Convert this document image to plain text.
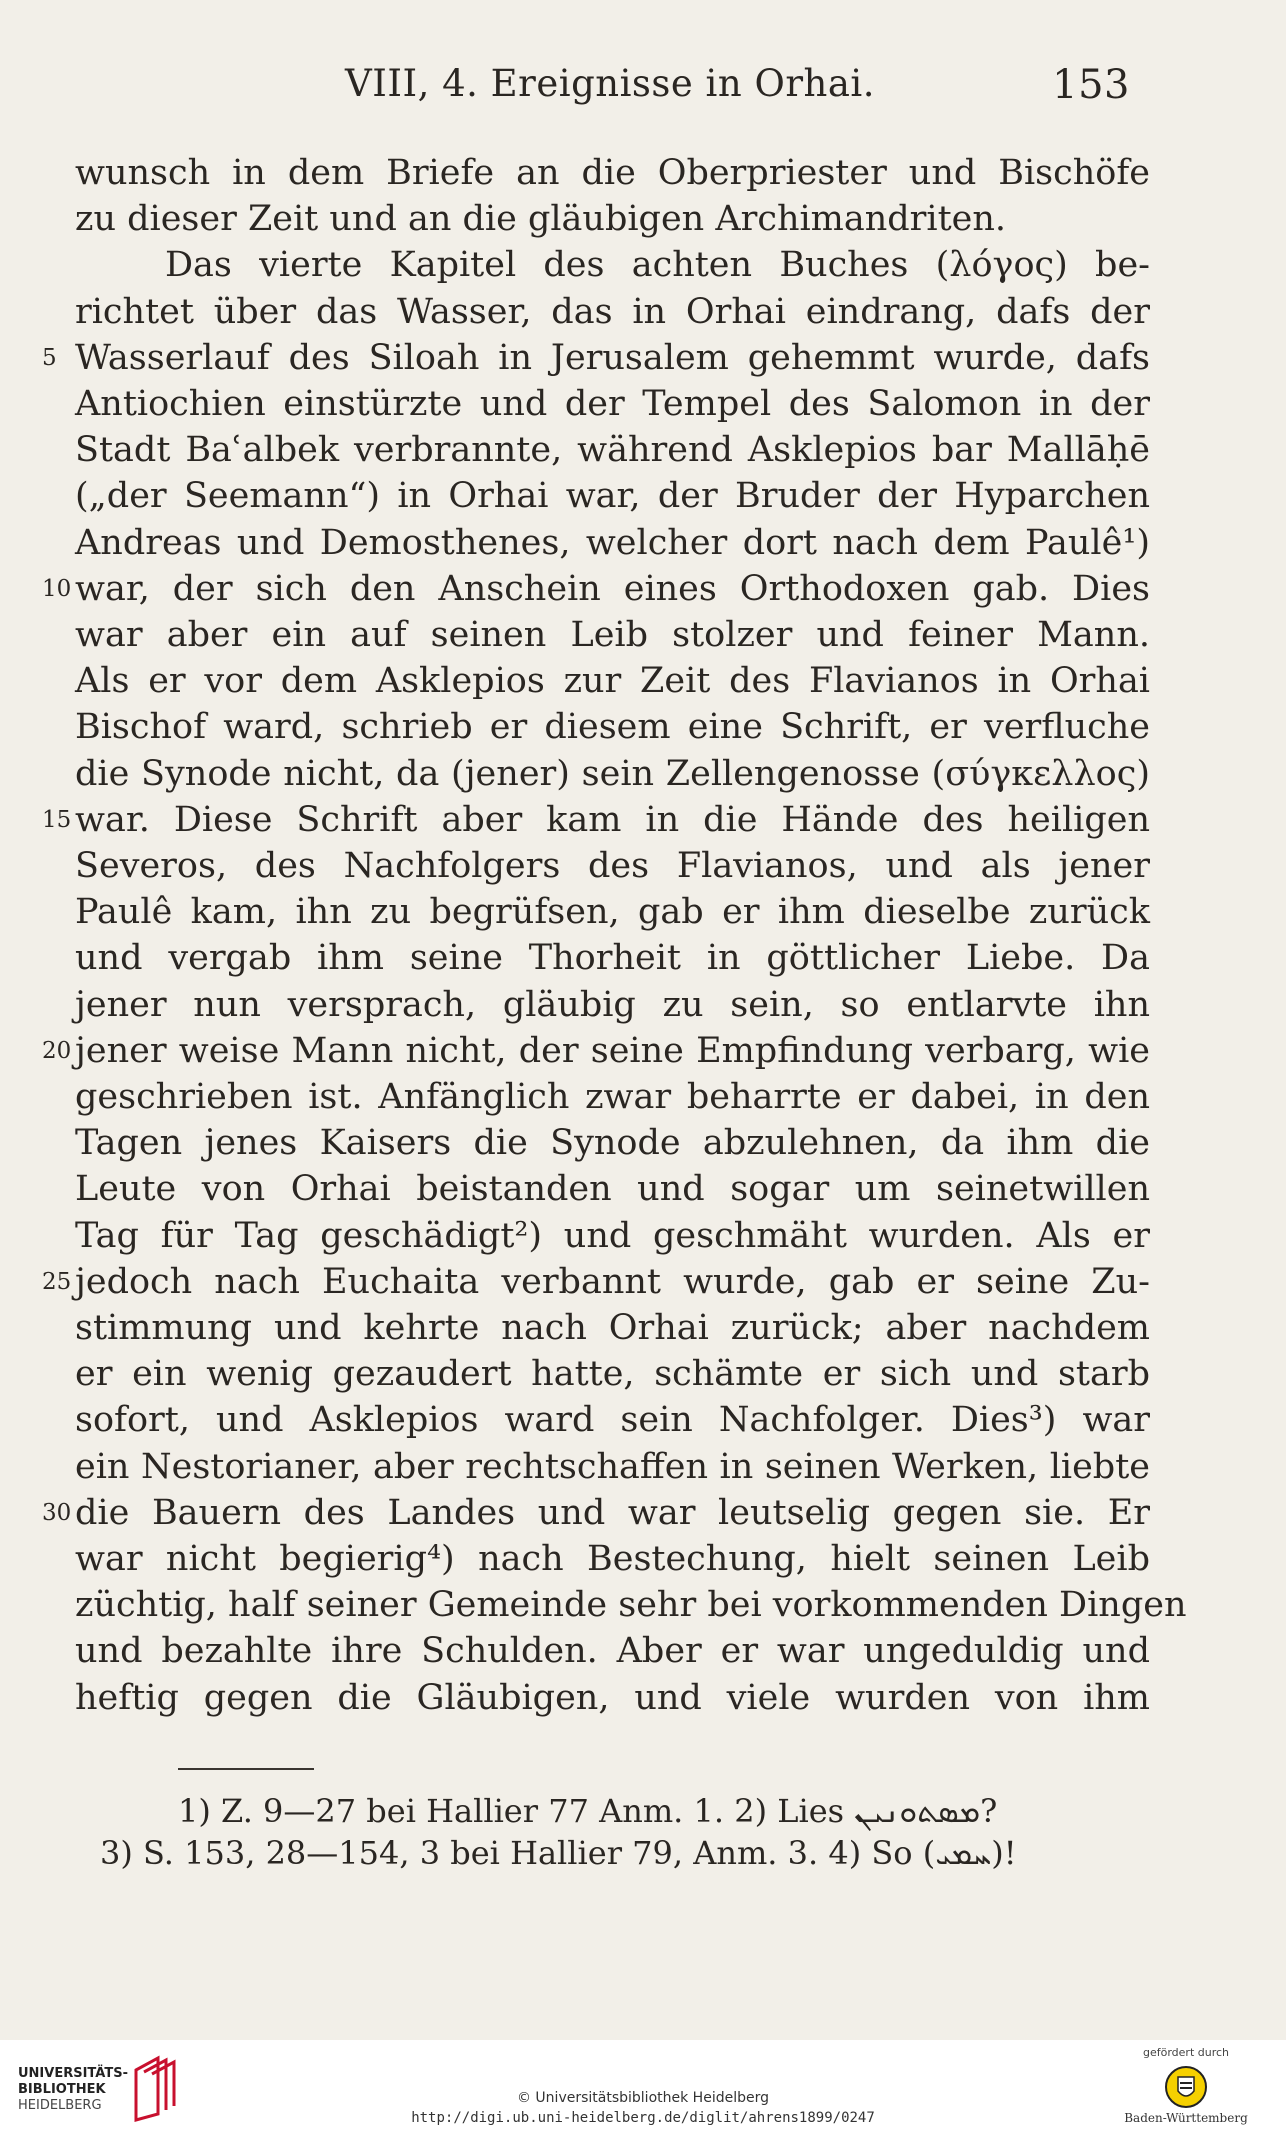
VIII, 4. Ereignisse in Orhai.	153
wunsch in dem Briefe an die Oberpriester und Bischöfe
zu dieser Zeit und an die gläubigen Archimandriten.
Das vierte Kapitel des achten Buches (λόγος) be-
richtet über das Wasser, das in Orhai eindrang, dafs der
5 Wasserlauf des Siloah in Jerusalem gehemmt wurde, dafs
Antiochien einstürzte und der Tempel des Salomon in der
Stadt Baʿalbek verbrannte, während Asklepios bar Mallāḥē
(„der Seemann“) in Orhai war, der Bruder der Hyparchen
Andreas und Demosthenes, welcher dort nach dem Paulê¹)
10 war, der sich den Anschein eines Orthodoxen gab. Dies
war aber ein auf seinen Leib stolzer und feiner Mann.
Als er vor dem Asklepios zur Zeit des Flavianos in Orhai
Bischof ward, schrieb er diesem eine Schrift, er verfluche
die Synode nicht, da (jener) sein Zellengenosse (σύγκελλος)
15 war. Diese Schrift aber kam in die Hände des heiligen
Severos, des Nachfolgers des Flavianos, und als jener
Paulê kam, ihn zu begrüfsen, gab er ihm dieselbe zurück
und vergab ihm seine Thorheit in göttlicher Liebe. Da
jener nun versprach, gläubig zu sein, so entlarvte ihn
20 jener weise Mann nicht, der seine Empfindung verbarg, wie
geschrieben ist. Anfänglich zwar beharrte er dabei, in den
Tagen jenes Kaisers die Synode abzulehnen, da ihm die
Leute von Orhai beistanden und sogar um seinetwillen
Tag für Tag geschädigt²) und geschmäht wurden. Als er
25 jedoch nach Euchaita verbannt wurde, gab er seine Zu-
stimmung und kehrte nach Orhai zurück; aber nachdem
er ein wenig gezaudert hatte, schämte er sich und starb
sofort, und Asklepios ward sein Nachfolger. Dies³) war
ein Nestorianer, aber rechtschaffen in seinen Werken, liebte
30 die Bauern des Landes und war leutselig gegen sie. Er
war nicht begierig⁴) nach Bestechung, hielt seinen Leib
züchtig, half seiner Gemeinde sehr bei vorkommenden Dingen
und bezahlte ihre Schulden. Aber er war ungeduldig und
heftig gegen die Gläubigen, und viele wurden von ihm
1) Z. 9—27 bei Hallier 77 Anm. 1. 2) Lies ܡܣܬܘܢܝܢ?
3) S. 153, 28—154, 3 bei Hallier 79, Anm. 3. 4) So (ܚܡܝ)!
UNIVERSITÄTS-
BIBLIOTHEK
HEIDELBERG	© Universitätsbibliothek Heidelberg
http://digi.ub.uni-heidelberg.de/diglit/ahrens1899/0247
gefördert durch
Baden-Württemberg
